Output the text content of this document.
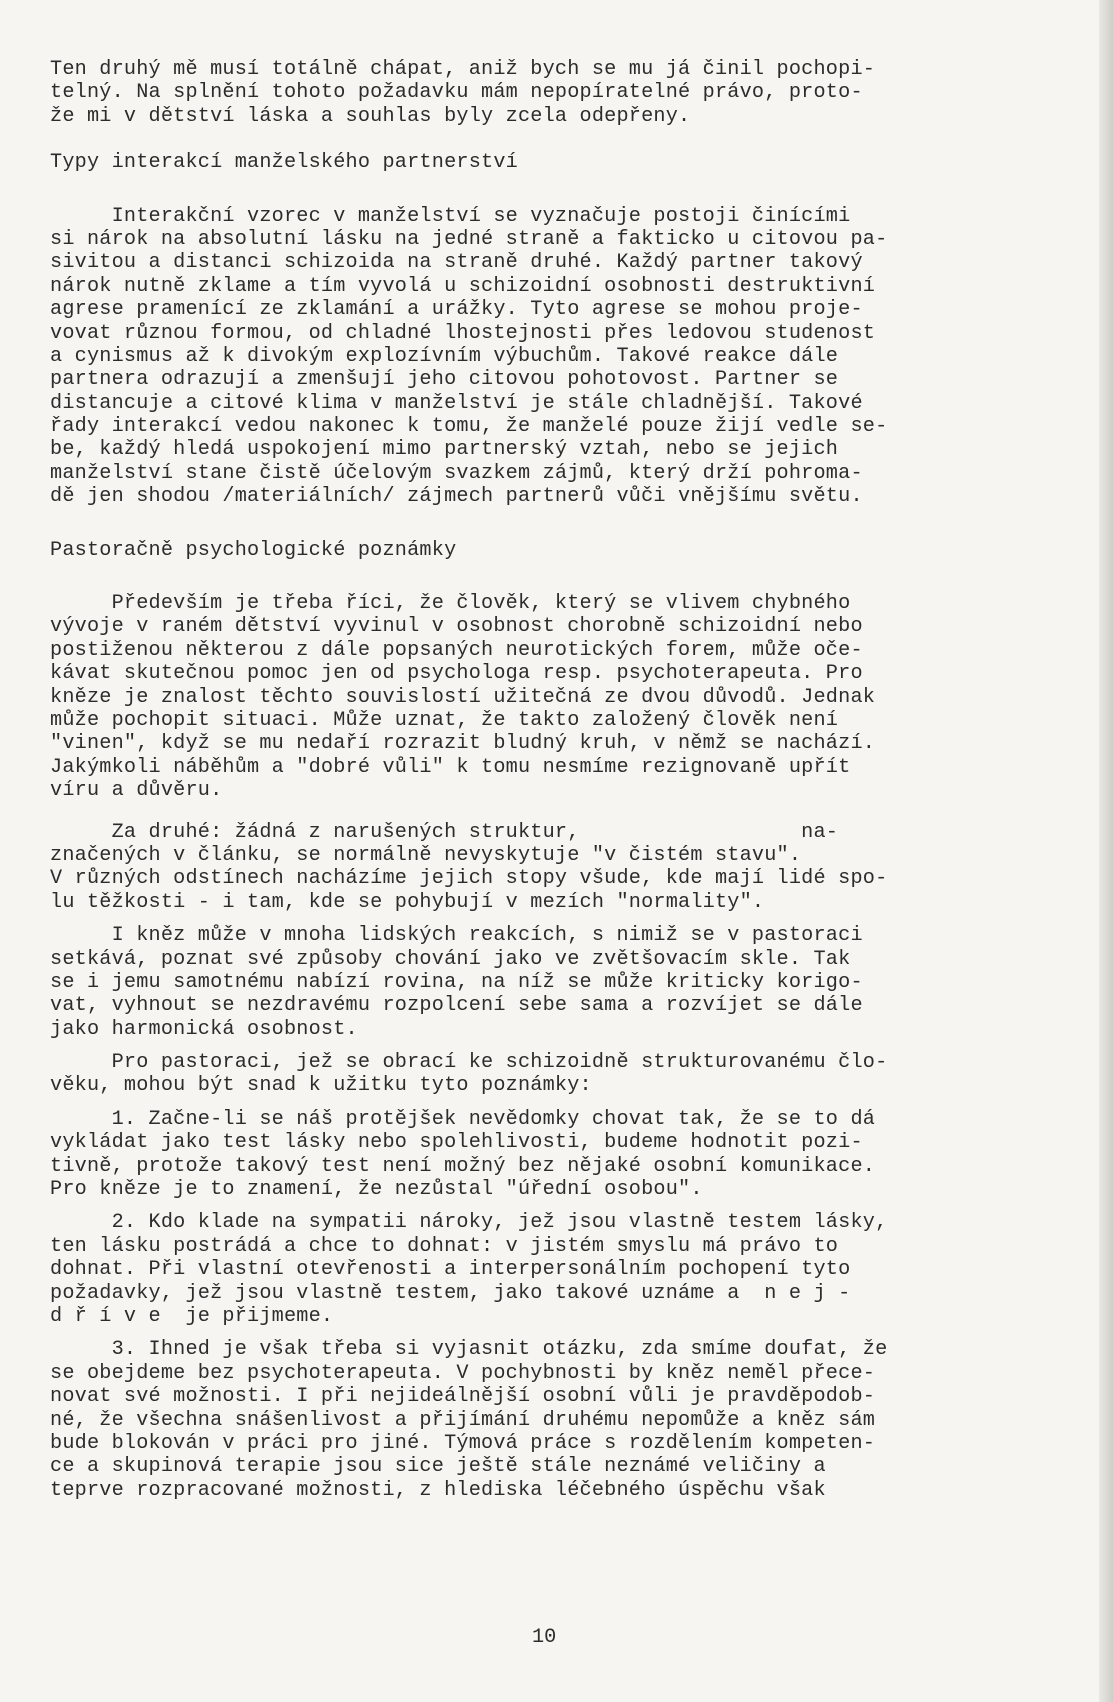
Ten druhý mě musí totálně chápat, aniž bych se mu já činil pochopi-
telný. Na splnění tohoto požadavku mám nepopíratelné právo, proto-
že mi v dětství láska a souhlas byly zcela odepřeny.
Typy interakcí manželského partnerství
Interakční vzorec v manželství se vyznačuje postoji činícími
si nárok na absolutní lásku na jedné straně a fakticko u citovou pa-
sivitou a distanci schizoida na straně druhé. Každý partner takový
nárok nutně zklame a tím vyvolá u schizoidní osobnosti destruktivní
agrese pramenící ze zklamání a urážky. Tyto agrese se mohou proje-
vovat různou formou, od chladné lhostejnosti přes ledovou studenost
a cynismus až k divokým explozívním výbuchům. Takové reakce dále
partnera odrazují a zmenšují jeho citovou pohotovost. Partner se
distancuje a citové klima v manželství je stále chladnější. Takové
řady interakcí vedou nakonec k tomu, že manželé pouze žijí vedle se-
be, každý hledá uspokojení mimo partnerský vztah, nebo se jejich
manželství stane čistě účelovým svazkem zájmů, který drží pohroma-
dě jen shodou /materiálních/ zájmech partnerů vůči vnějšímu světu.
Pastoračně psychologické poznámky
Především je třeba říci, že člověk, který se vlivem chybného
vývoje v raném dětství vyvinul v osobnost chorobně schizoidní nebo
postiženou některou z dále popsaných neurotických forem, může oče-
kávat skutečnou pomoc jen od psychologa resp. psychoterapeuta. Pro
kněze je znalost těchto souvislostí užitečná ze dvou důvodů. Jednak
může pochopit situaci. Může uznat, že takto založený člověk není
"vinen", když se mu nedaří rozrazit bludný kruh, v němž se nachází.
Jakýmkoli náběhům a "dobré vůli" k tomu nesmíme rezignovaně upřít
víru a důvěru.
Za druhé: žádná z narušených struktur,                  na-
značených v článku, se normálně nevyskytuje "v čistém stavu".
V různých odstínech nacházíme jejich stopy všude, kde mají lidé spo-
lu těžkosti - i tam, kde se pohybují v mezích "normality".
I kněz může v mnoha lidských reakcích, s nimiž se v pastoraci
setkává, poznat své způsoby chování jako ve zvětšovacím skle. Tak
se i jemu samotnému nabízí rovina, na níž se může kriticky korigo-
vat, vyhnout se nezdravému rozpolcení sebe sama a rozvíjet se dále
jako harmonická osobnost.
Pro pastoraci, jež se obrací ke schizoidně strukturovanému člo-
věku, mohou být snad k užitku tyto poznámky:
1. Začne-li se náš protějšek nevědomky chovat tak, že se to dá
vykládat jako test lásky nebo spolehlivosti, budeme hodnotit pozi-
tivně, protože takový test není možný bez nějaké osobní komunikace.
Pro kněze je to znamení, že nezůstal "úřední osobou".
2. Kdo klade na sympatii nároky, jež jsou vlastně testem lásky,
ten lásku postrádá a chce to dohnat: v jistém smyslu má právo to
dohnat. Při vlastní otevřenosti a interpersonálním pochopení tyto
požadavky, jež jsou vlastně testem, jako takové uznáme a  n e j -
d ř í v e  je přijmeme.
3. Ihned je však třeba si vyjasnit otázku, zda smíme doufat, že
se obejdeme bez psychoterapeuta. V pochybnosti by kněz neměl přece-
novat své možnosti. I při nejideálnější osobní vůli je pravděpodob-
né, že všechna snášenlivost a přijímání druhému nepomůže a kněz sám
bude blokován v práci pro jiné. Týmová práce s rozdělením kompeten-
ce a skupinová terapie jsou sice ještě stále neznámé veličiny a
teprve rozpracované možnosti, z hlediska léčebného úspěchu však
10
